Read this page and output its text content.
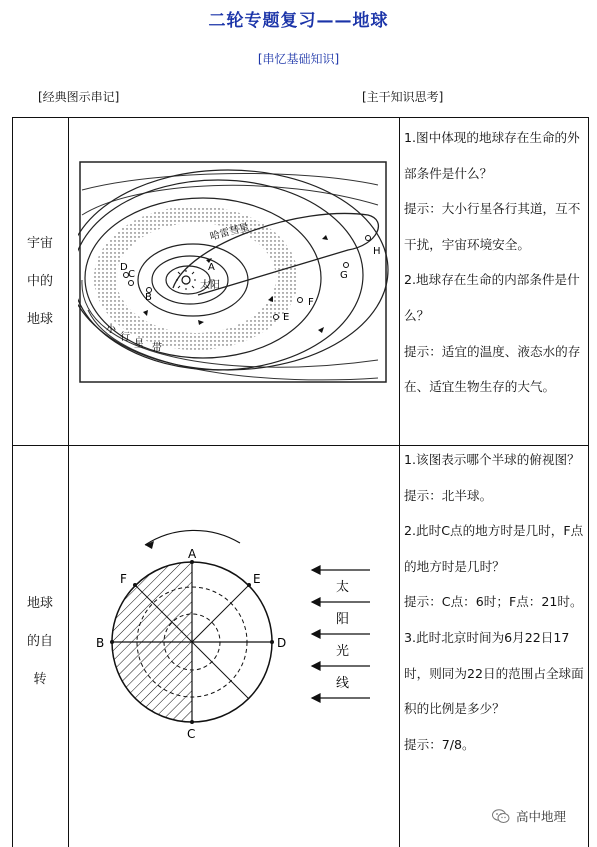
二轮专题复习——地球
[串忆基础知识]
[经典图示串记]	[主干知识思考]
宇宙
中的
地球
太阳
哈雷彗星
小
行
星 带
A
B
C
D
E
F
G
H

1.图中体现的地球存在生命的外部条件是什么？

提示：大小行星各行其道，互不干扰，宇宙环境安全。

2.地球存在生命的内部条件是什么？

提示：适宜的温度、液态水的存在、适宜生物生存的大气。

地球
的自
转
A
B
C
D
E
F
太
阳
光
线

1.该图表示哪个半球的俯视图？

提示：北半球。

2.此时C点的地方时是几时，F点的地方时是几时？

提示：C点：6时；F点：21时。

3.此时北京时间为6月22日17时，则同为22日的范围占全球面积的比例是多少？

提示：7/8。

高中地理
